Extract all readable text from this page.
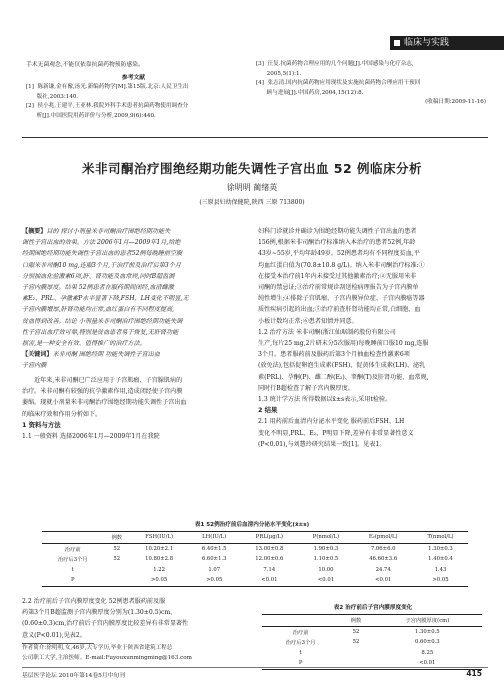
临床与实践
手术无菌观念,不能仅依靠抗菌药物预防感染。
参考文献
[1]  陈新谦,金有豫,汤光.新编药物学[M].第15版.北京:人民卫生出
版社,2003:140.
[2]  侯小兆,王建平,王亚林.我院外科手术患者抗菌药物使用调查分
析[J].中国医院用药评价与分析,2009,9(6):440.
[3]  汪复.抗菌药物合理应用的几个问题[J].中国感染与化疗杂志,
2005,5(1):1.
[4]  张志清.国内抗菌药物应用现状及实施抗菌药物合理应用干预回
顾与进展[J].中国药房,2004,15(12):8.
(收稿日期:2009-11-16)
米非司酮治疗围绝经期功能失调性子宫出血 52 例临床分析
徐明明 蔺绪英
(三原县妇幼保健院,陕西 三原 713800)
【摘要】目的 探讨小剂量米非司酮治疗围绝经期功能失
调性子宫出血的效果。方法 2006年1月—2009年1月,给绝
经期围绝经期功能失调性子宫出血的患者52例每晚睡前空腹
口服米非司酮10 mg,连服3个月,于治疗前及治疗后第3个月
分别抽血化验激素6项,肝、肾功能及血常规,同时B超监测
子宫内膜厚度。结果 52例患者在服药期间闭经,血清雌激
素E₂、PRL、孕激素P水平显著下降,FSH、LH变化不明显,无
子宫内膜增厚,肝肾功能均正常,血红蛋白有不同程度提高,
贫血得到改善。结论 小剂量米非司酮治疗围绝经期功能失调
性子宫出血疗效可靠,特别是贫血患者易于恢复,无肝肾功能
损害,是一种安全有效、值得推广的治疗方法。
【关键词】米非司酮 围绝经期 功能失调性子宫出血
子宫内膜
近年来,米非司酮已广泛应用于子宫肌瘤、子宫腺肌病的
治疗。米非司酮有较强的抗孕激素作用,造成闭经使子宫内膜
萎缩。现就小剂量米非司酮治疗围绝经期功能失调性子宫出血
的临床疗效和作用分析如下。
1 资料与方法
1.1 一般资料 选择2006年1月—2009年1月在我院
妇科门诊就诊并确诊为围绝经期功能失调性子宫出血的患者
156例,根据米非司酮治疗标准纳入本治疗的患者52例,年龄
43岁~55岁,平均年龄49岁。52例患者均有不同程度贫血,平
均血红蛋白值为(70.8±10.8 g/L)。纳入米非司酮治疗标准:①
在接受本治疗前1年内未接受过其他激素治疗;②无服用米非
司酮的禁忌证;③治疗前常规诊刮送检病理报告为子宫内膜单
纯性增生;④排除子宫肌瘤、子宫内膜异位症、子宫内膜癌等器
质性疾病引起的出血;⑤治疗前查肝肾功能均正常,白细胞、血
小板计数均正常;⑥患者知情并同意。
1.2 治疗方法 米非司酮(浙江仙琚制药股份有限公司
生产,每片25 mg,2片研末分5次服用)每晚睡前口服10 mg,连服
3个月。患者服药前及服药后第3个月抽血检查性激素6项
(放免法),包括促卵泡生成素(FSH)、促黄体生成素(LH)、泌乳
素(PRL)、孕酮(P)、雌二醇(E₂)、睾酮(T)及肝肾功能、血常规,
同时行B超检查了解子宫内膜厚度。
1.3 统计学方法 所得数据以x̄±s表示,采用t检验。
2 结果
2.1 用药前后血清内分泌水平变化 服药前后FSH、LH
变化不明显,PRL、E₂、P明显下降,差异有非常显著性意义
(P<0.01),与刘慧玲研究结果一致[1]。见表1。
表1 52例治疗前后血清内分泌水平变化(x̄±s)
	例数	FSH(IU/L)	LH(IU/L)	PRL(μg/L)	P(nmol/L)	E₂(pmol/L)	T(nmol/L)
治疗前	52	10.20±2.1	6.40±1.5	13.00±0.8	1.90±0.3	7.06±6.0	1.30±0.3
治疗后3个月	52	10.80±2.8	6.60±1.3	12.00±0.6	1.10±0.5	46.60±3.6	1.40±0.4
t		1.22	1.07	7.14	10.00	24.74	1.43
P		>0.05	>0.05	<0.01	<0.01	<0.01	>0.05
2.2 治疗前后子宫内膜厚度变化 52例患者服药前及服
药第3个月B超监测子宫内膜厚度分别为(1.30±0.5)cm、
(0.60±0.3)cm,治疗前后子宫内膜厚度比较差异有非常显著性
意义(P<0.01),见表2。
作者简介:徐明明,女,46岁,大专学历,毕业于陕西省建筑工程总
公司职工大学,主治医师。E-mail:Fuyouxunmingming@163.com
表2 治疗前后子宫内膜厚度变化
	例数	子宫内膜厚度(cm)
治疗前	52	1.30±0.5
治疗后3个月	52	0.60±0.3
t		8.25
P		<0.01
基层医学论坛 2010年第14卷5月中旬刊	415
